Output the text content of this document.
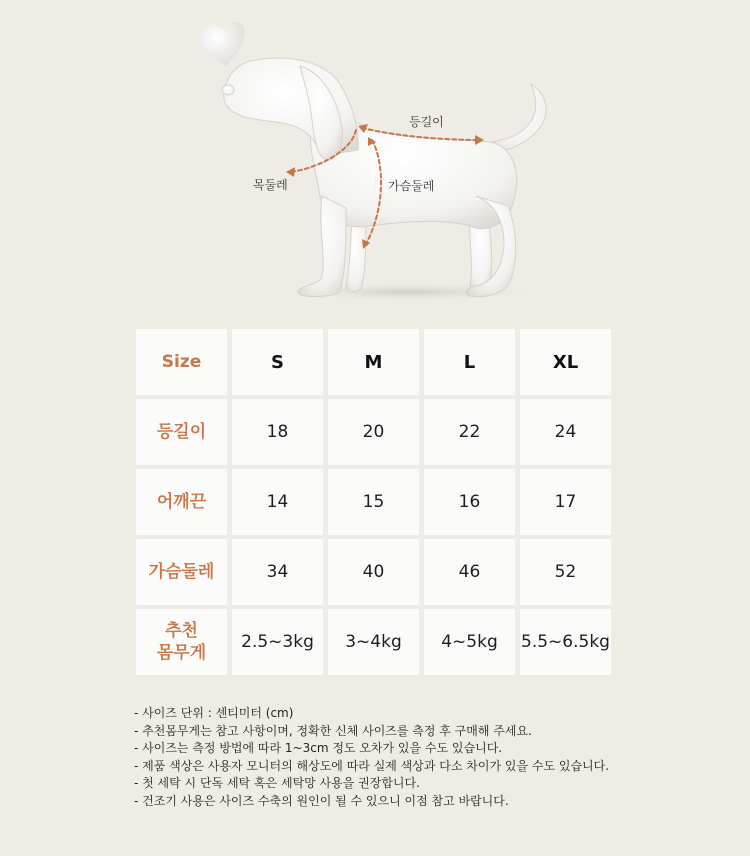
등길이
목둘레	가슴둘레
Size	S	M	L	XL
등길이	18	20	22	24
어깨끈	14	15	16	17
가슴둘레	34	40	46	52
추천
몸무게
2.5~3kg	3~4kg	4~5kg	5.5~6.5kg
- 사이즈 단위 : 센티미터 (cm)
- 추천몸무게는 참고 사항이며, 정확한 신체 사이즈를 측정 후 구매해 주세요.
- 사이즈는 측정 방법에 따라 1~3cm 정도 오차가 있을 수도 있습니다.
- 제품 색상은 사용자 모니터의 해상도에 따라 실제 색상과 다소 차이가 있을 수도 있습니다.
- 첫 세탁 시 단독 세탁 혹은 세탁망 사용을 권장합니다.
- 건조기 사용은 사이즈 수축의 원인이 될 수 있으니 이점 참고 바랍니다.
